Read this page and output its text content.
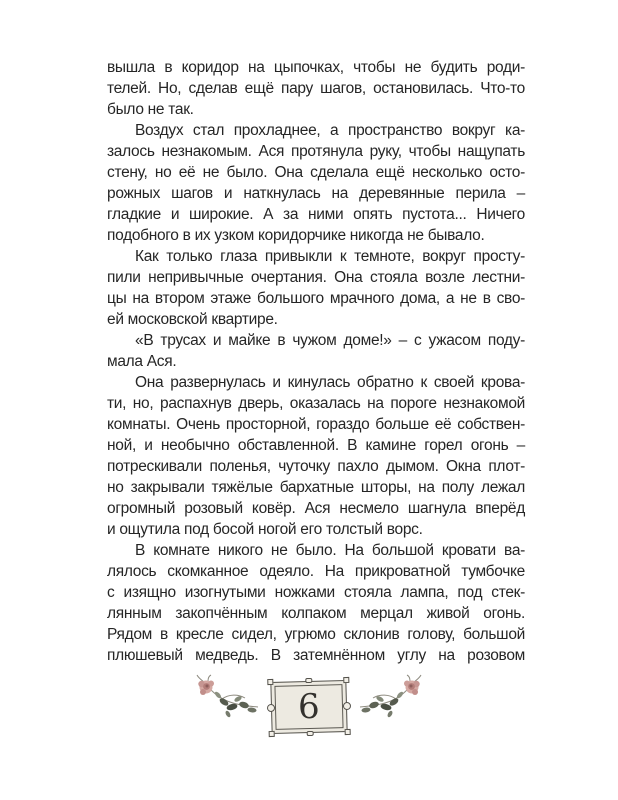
вышла в коридор на цыпочках, чтобы не будить роди-
телей. Но, сделав ещё пару шагов, остановилась. Что-то
было не так.
Воздух стал прохладнее, а пространство вокруг ка-
залось незнакомым. Ася протянула руку, чтобы нащупать
стену, но её не было. Она сделала ещё несколько осто-
рожных шагов и наткнулась на деревянные перила –
гладкие и широкие. А за ними опять пустота... Ничего
подобного в их узком коридорчике никогда не бывало.
Как только глаза привыкли к темноте, вокруг просту-
пили непривычные очертания. Она стояла возле лестни-
цы на втором этаже большого мрачного дома, а не в сво-
ей московской квартире.
«В трусах и майке в чужом доме!» – с ужасом поду-
мала Ася.
Она развернулась и кинулась обратно к своей крова-
ти, но, распахнув дверь, оказалась на пороге незнакомой
комнаты. Очень просторной, гораздо больше её собствен-
ной, и необычно обставленной. В камине горел огонь –
потрескивали поленья, чуточку пахло дымом. Окна плот-
но закрывали тяжёлые бархатные шторы, на полу лежал
огромный розовый ковёр. Ася несмело шагнула вперёд
и ощутила под босой ногой его толстый ворс.
В комнате никого не было. На большой кровати ва-
лялось скомканное одеяло. На прикроватной тумбочке
с изящно изогнутыми ножками стояла лампа, под стек-
лянным закопчённым колпаком мерцал живой огонь.
Рядом в кресле сидел, угрюмо склонив голову, большой
плюшевый медведь. В затемнённом углу на розовом
6
